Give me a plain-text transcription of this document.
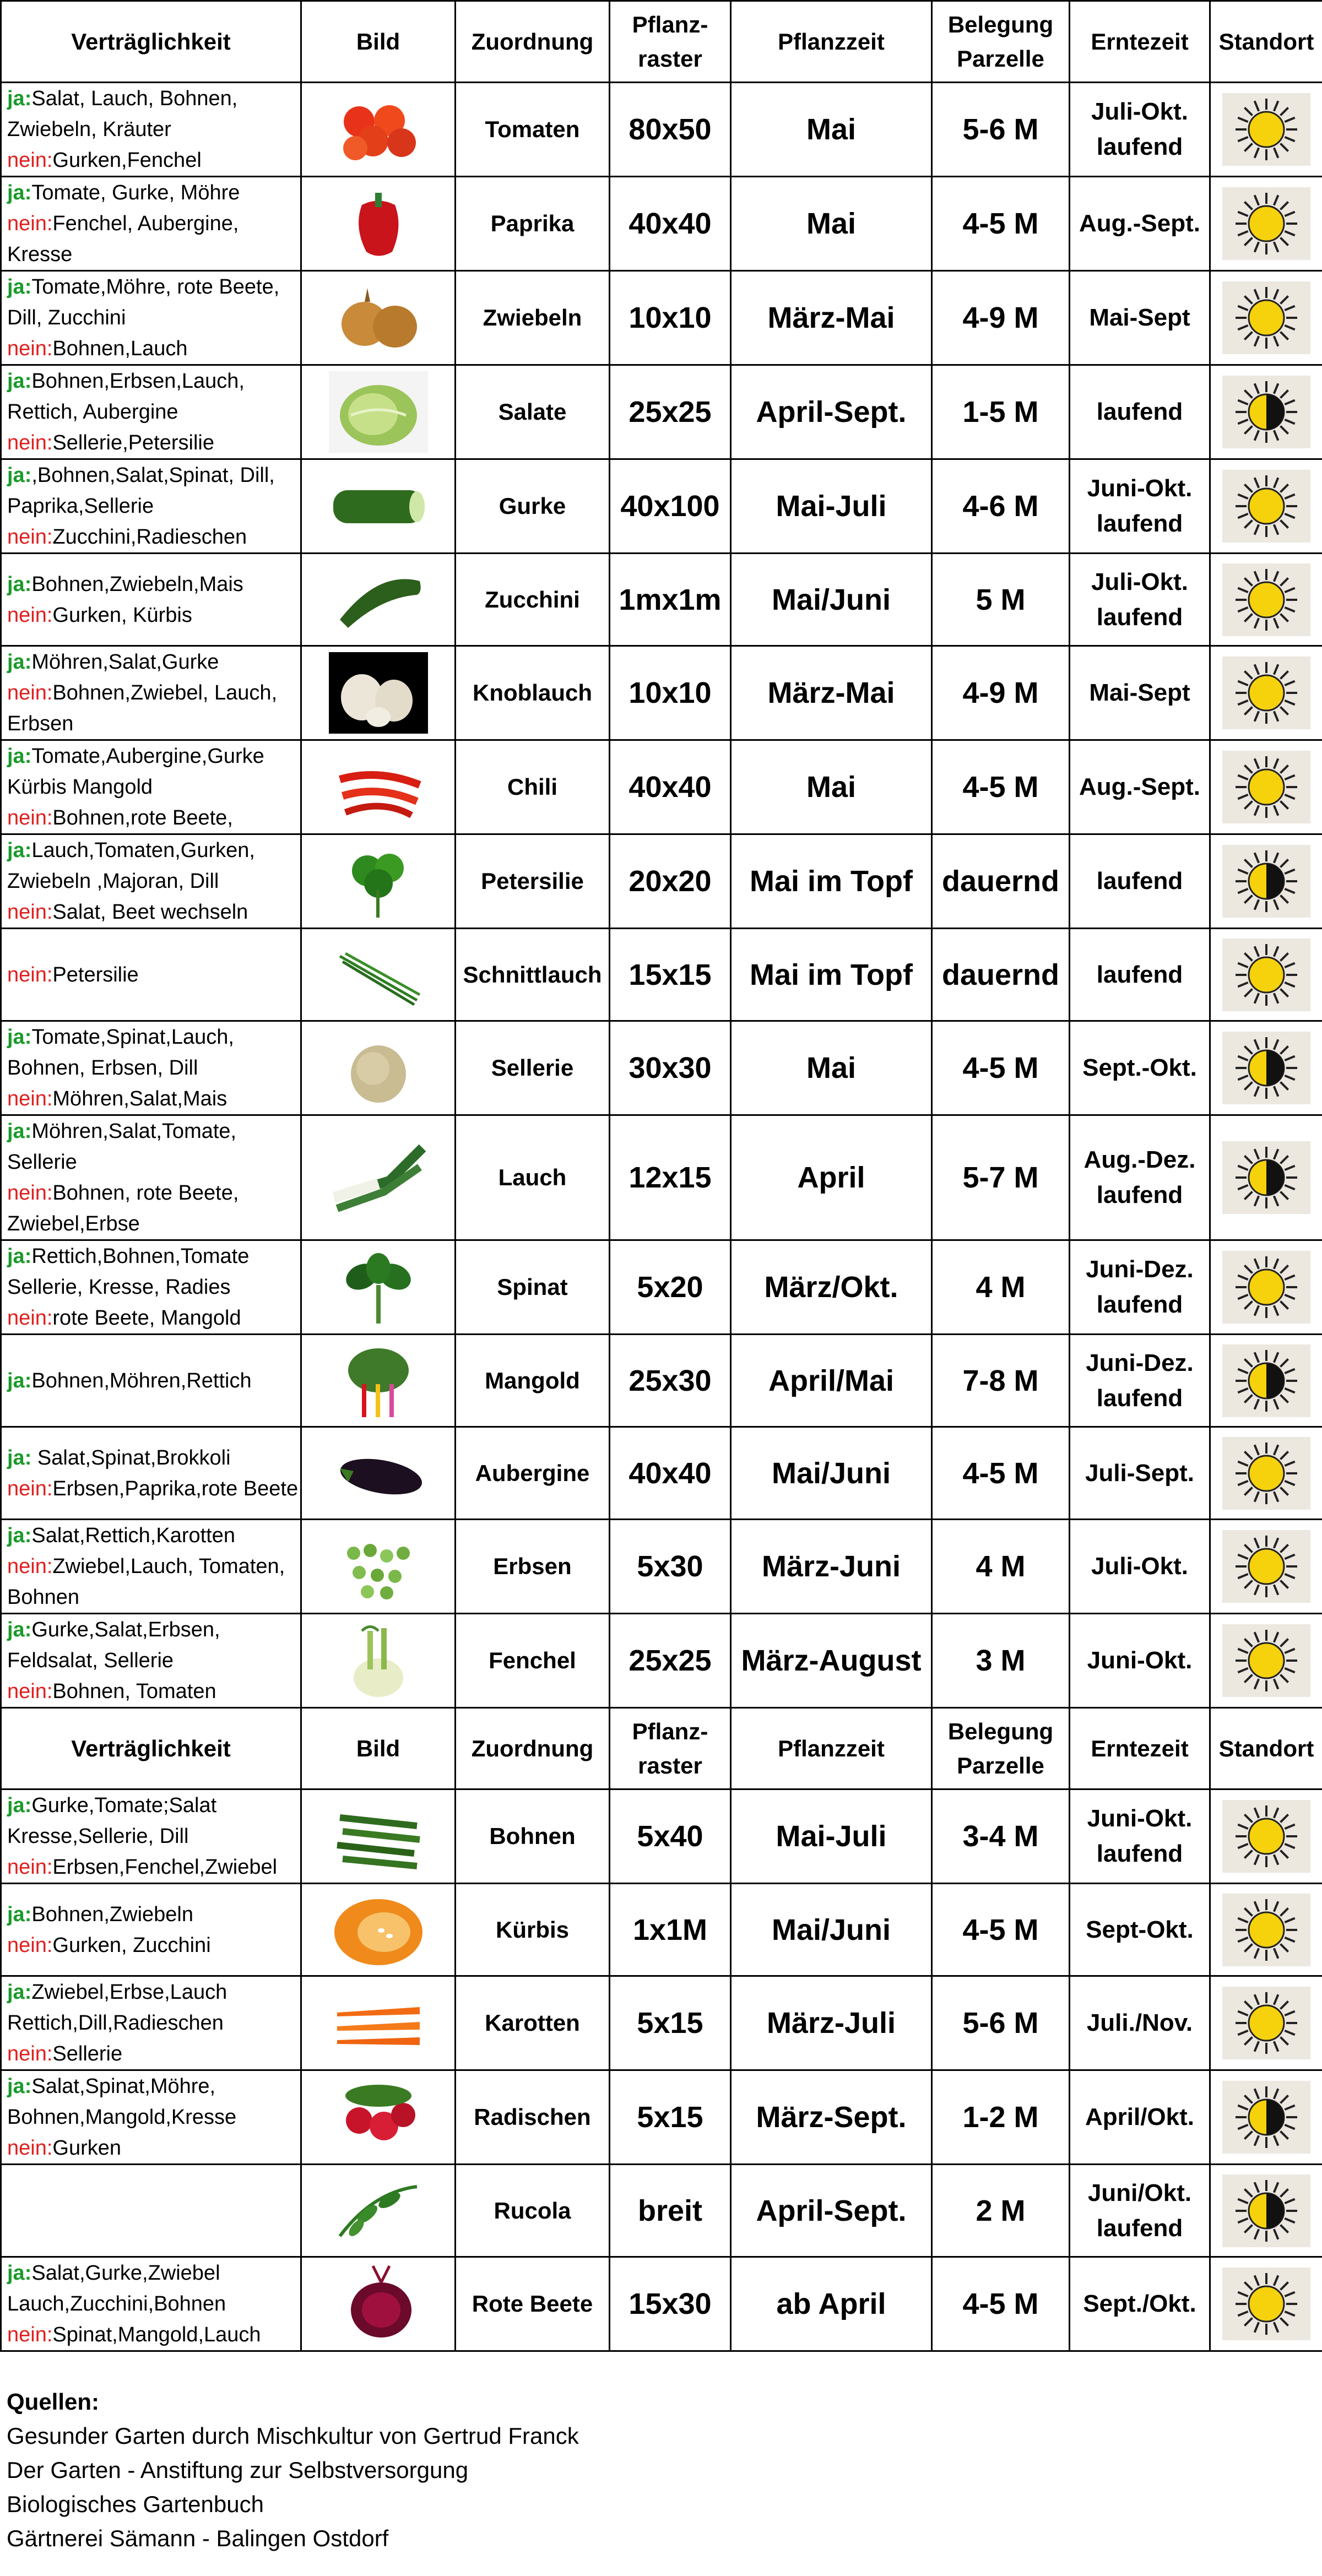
Verträglichkeit	Bild	Zuordnung	Pflanz-
raster	Pflanzzeit	Belegung
Parzelle	Erntezeit	Standort
ja:Salat, Lauch, Bohnen, Zwiebeln, Kräuter
nein:Gurken,Fenchel		Tomaten	80x50	Mai	5-6 M	Juli-Okt.
laufend	

ja:Tomate, Gurke, Möhre
nein:Fenchel, Aubergine, Kresse		Paprika	40x40	Mai	4-5 M	Aug.-Sept.	

ja:Tomate,Möhre, rote Beete, Dill, Zucchini
nein:Bohnen,Lauch		Zwiebeln	10x10	März-Mai	4-9 M	Mai-Sept	

ja:Bohnen,Erbsen,Lauch, Rettich, Aubergine
nein:Sellerie,Petersilie		Salate	25x25	April-Sept.	1-5 M	laufend	

ja:,Bohnen,Salat,Spinat, Dill, Paprika,Sellerie
nein:Zucchini,Radieschen		Gurke	40x100	Mai-Juli	4-6 M	Juni-Okt.
laufend	

ja:Bohnen,Zwiebeln,Mais
nein:Gurken, Kürbis		Zucchini	1mx1m	Mai/Juni	5 M	Juli-Okt.
laufend	

ja:Möhren,Salat,Gurke
nein:Bohnen,Zwiebel, Lauch, Erbsen		Knoblauch	10x10	März-Mai	4-9 M	Mai-Sept	

ja:Tomate,Aubergine,Gurke Kürbis Mangold
nein:Bohnen,rote Beete,		Chili	40x40	Mai	4-5 M	Aug.-Sept.	

ja:Lauch,Tomaten,Gurken, Zwiebeln ,Majoran, Dill
nein:Salat, Beet wechseln		Petersilie	20x20	Mai im Topf	dauernd	laufend	

nein:Petersilie		Schnittlauch	15x15	Mai im Topf	dauernd	laufend	

ja:Tomate,Spinat,Lauch, Bohnen, Erbsen, Dill
nein:Möhren,Salat,Mais		Sellerie	30x30	Mai	4-5 M	Sept.-Okt.	

ja:Möhren,Salat,Tomate, Sellerie
nein:Bohnen, rote Beete, Zwiebel,Erbse		Lauch	12x15	April	5-7 M	Aug.-Dez.
laufend	

ja:Rettich,Bohnen,Tomate Sellerie, Kresse, Radies
nein:rote Beete, Mangold		Spinat	5x20	März/Okt.	4 M	Juni-Dez.
laufend	

ja:Bohnen,Möhren,Rettich		Mangold	25x30	April/Mai	7-8 M	Juni-Dez.
laufend	

ja: Salat,Spinat,Brokkoli
nein:Erbsen,Paprika,rote Beete		Aubergine	40x40	Mai/Juni	4-5 M	Juli-Sept.	

ja:Salat,Rettich,Karotten
nein:Zwiebel,Lauch, Tomaten, Bohnen		Erbsen	5x30	März-Juni	4 M	Juli-Okt.	

ja:Gurke,Salat,Erbsen, Feldsalat, Sellerie
nein:Bohnen, Tomaten		Fenchel	25x25	März-August	3 M	Juni-Okt.	

Verträglichkeit	Bild	Zuordnung	Pflanz-
raster	Pflanzzeit	Belegung
Parzelle	Erntezeit	Standort
ja:Gurke,Tomate;Salat Kresse,Sellerie, Dill
nein:Erbsen,Fenchel,Zwiebel		Bohnen	5x40	Mai-Juli	3-4 M	Juni-Okt.
laufend	

ja:Bohnen,Zwiebeln
nein:Gurken, Zucchini		Kürbis	1x1M	Mai/Juni	4-5 M	Sept-Okt.	

ja:Zwiebel,Erbse,Lauch Rettich,Dill,Radieschen
nein:Sellerie		Karotten	5x15	März-Juli	5-6 M	Juli./Nov.	

ja:Salat,Spinat,Möhre, Bohnen,Mangold,Kresse
nein:Gurken		Radischen	5x15	März-Sept.	1-2 M	April/Okt.	

	Rucola	breit	April-Sept.	2 M	Juni/Okt.
laufend	

ja:Salat,Gurke,Zwiebel Lauch,Zucchini,Bohnen
nein:Spinat,Mangold,Lauch		Rote Beete	15x30	ab April	4-5 M	Sept./Okt.	
Quellen:
Gesunder Garten durch Mischkultur von Gertrud Franck
Der Garten - Anstiftung zur Selbstversorgung
Biologisches Gartenbuch
Gärtnerei Sämann - Balingen Ostdorf
